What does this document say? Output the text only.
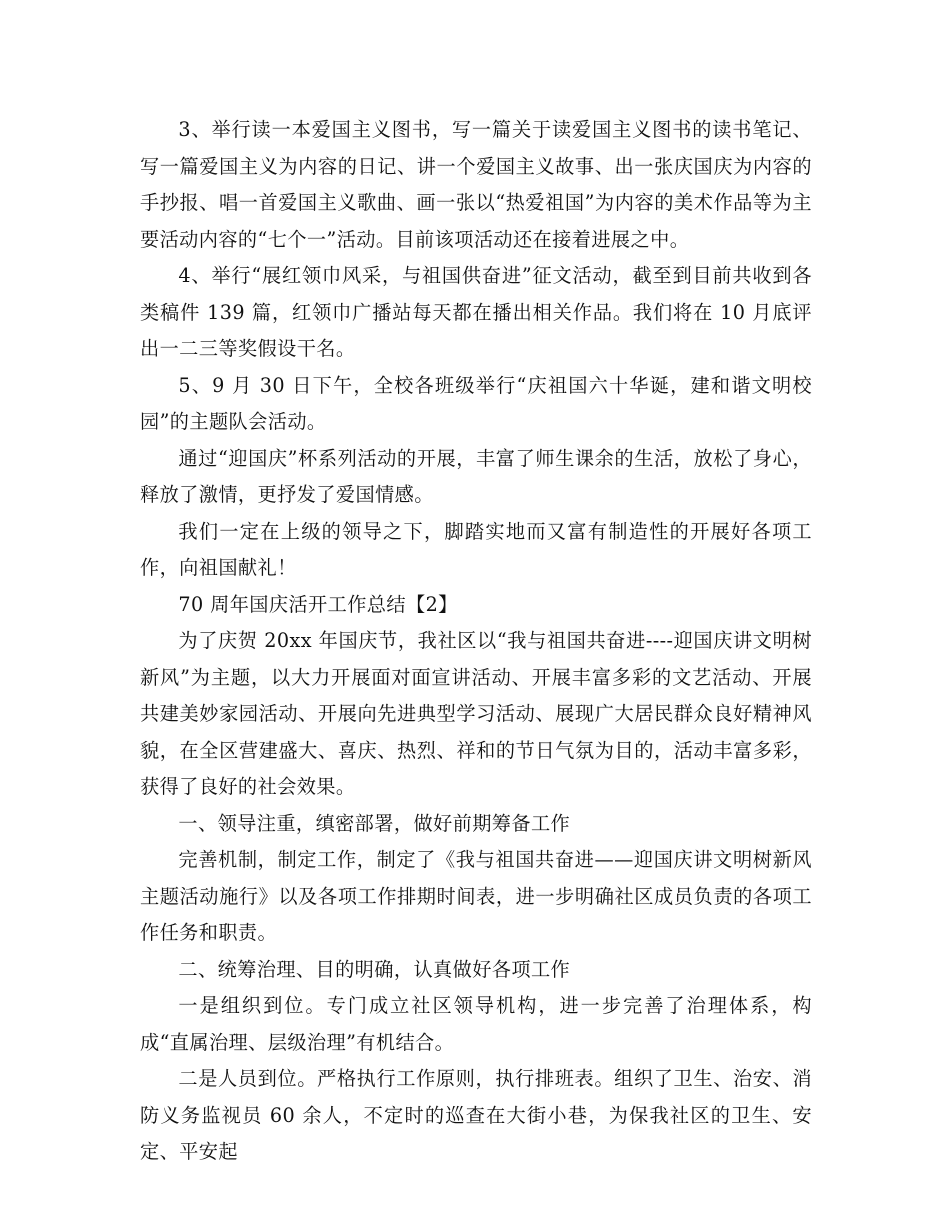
3、举行读一本爱国主义图书，写一篇关于读爱国主义图书的读书笔记、写一篇爱国主义为内容的日记、讲一个爱国主义故事、出一张庆国庆为内容的手抄报、唱一首爱国主义歌曲、画一张以“热爱祖国”为内容的美术作品等为主要活动内容的“七个一”活动。目前该项活动还在接着进展之中。

4、举行“展红领巾风采，与祖国供奋进”征文活动，截至到目前共收到各类稿件 139 篇，红领巾广播站每天都在播出相关作品。我们将在 10 月底评出一二三等奖假设干名。

5、9 月 30 日下午，全校各班级举行“庆祖国六十华诞，建和谐文明校园”的主题队会活动。

通过“迎国庆”杯系列活动的开展，丰富了师生课余的生活，放松了身心，释放了激情，更抒发了爱国情感。

我们一定在上级的领导之下，脚踏实地而又富有制造性的开展好各项工作，向祖国献礼！

70 周年国庆活开工作总结【2】

为了庆贺 20xx 年国庆节，我社区以“我与祖国共奋进----迎国庆讲文明树新风”为主题，以大力开展面对面宣讲活动、开展丰富多彩的文艺活动、开展共建美妙家园活动、开展向先进典型学习活动、展现广大居民群众良好精神风貌，在全区营建盛大、喜庆、热烈、祥和的节日气氛为目的，活动丰富多彩，获得了良好的社会效果。

一、领导注重，缜密部署，做好前期筹备工作

完善机制，制定工作，制定了《我与祖国共奋进——迎国庆讲文明树新风主题活动施行》以及各项工作排期时间表，进一步明确社区成员负责的各项工作任务和职责。

二、统筹治理、目的明确，认真做好各项工作

一是组织到位。专门成立社区领导机构，进一步完善了治理体系，构成“直属治理、层级治理”有机结合。

二是人员到位。严格执行工作原则，执行排班表。组织了卫生、治安、消防义务监视员 60 余人，不定时的巡查在大街小巷，为保我社区的卫生、安定、平安起
